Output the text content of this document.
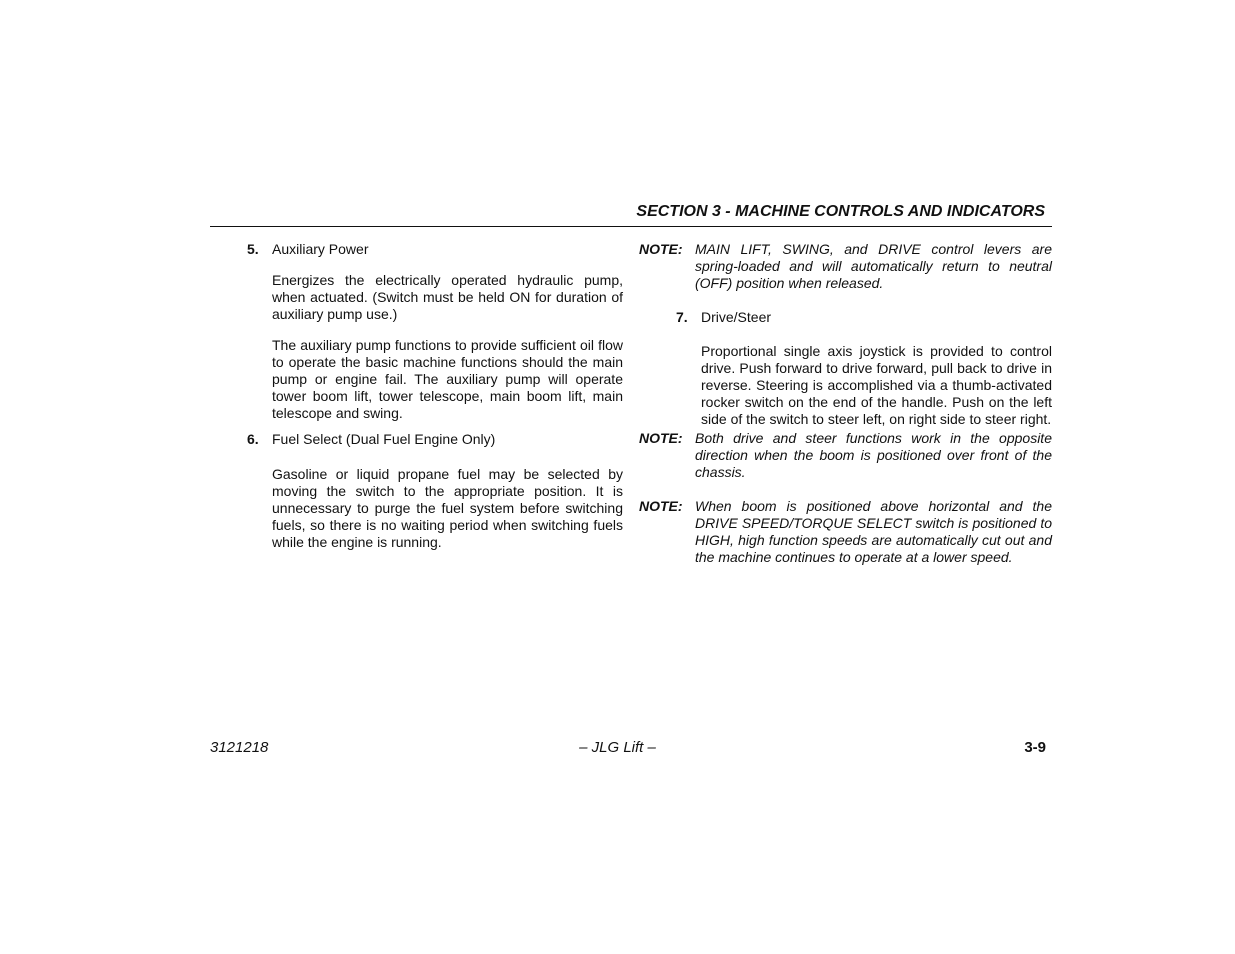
SECTION 3 - MACHINE CONTROLS AND INDICATORS
5. Auxiliary Power

Energizes the electrically operated hydraulic pump, when actuated. (Switch must be held ON for duration of auxiliary pump use.)

The auxiliary pump functions to provide sufficient oil flow to operate the basic machine functions should the main pump or engine fail. The auxiliary pump will operate tower boom lift, tower telescope, main boom lift, main telescope and swing.

6. Fuel Select (Dual Fuel Engine Only)

Gasoline or liquid propane fuel may be selected by moving the switch to the appropriate position. It is unnecessary to purge the fuel system before switching fuels, so there is no waiting period when switching fuels while the engine is running.

NOTE: MAIN LIFT, SWING, and DRIVE control levers are spring-loaded and will automatically return to neutral (OFF) position when released.

7. Drive/Steer

Proportional single axis joystick is provided to control drive. Push forward to drive forward, pull back to drive in reverse. Steering is accomplished via a thumb-activated rocker switch on the end of the handle. Push on the left side of the switch to steer left, on right side to steer right.

NOTE: Both drive and steer functions work in the opposite direction when the boom is positioned over front of the chassis.

NOTE: When boom is positioned above horizontal and the DRIVE SPEED/TORQUE SELECT switch is positioned to HIGH, high function speeds are automatically cut out and the machine continues to operate at a lower speed.

3121218	– JLG Lift –	3-9
